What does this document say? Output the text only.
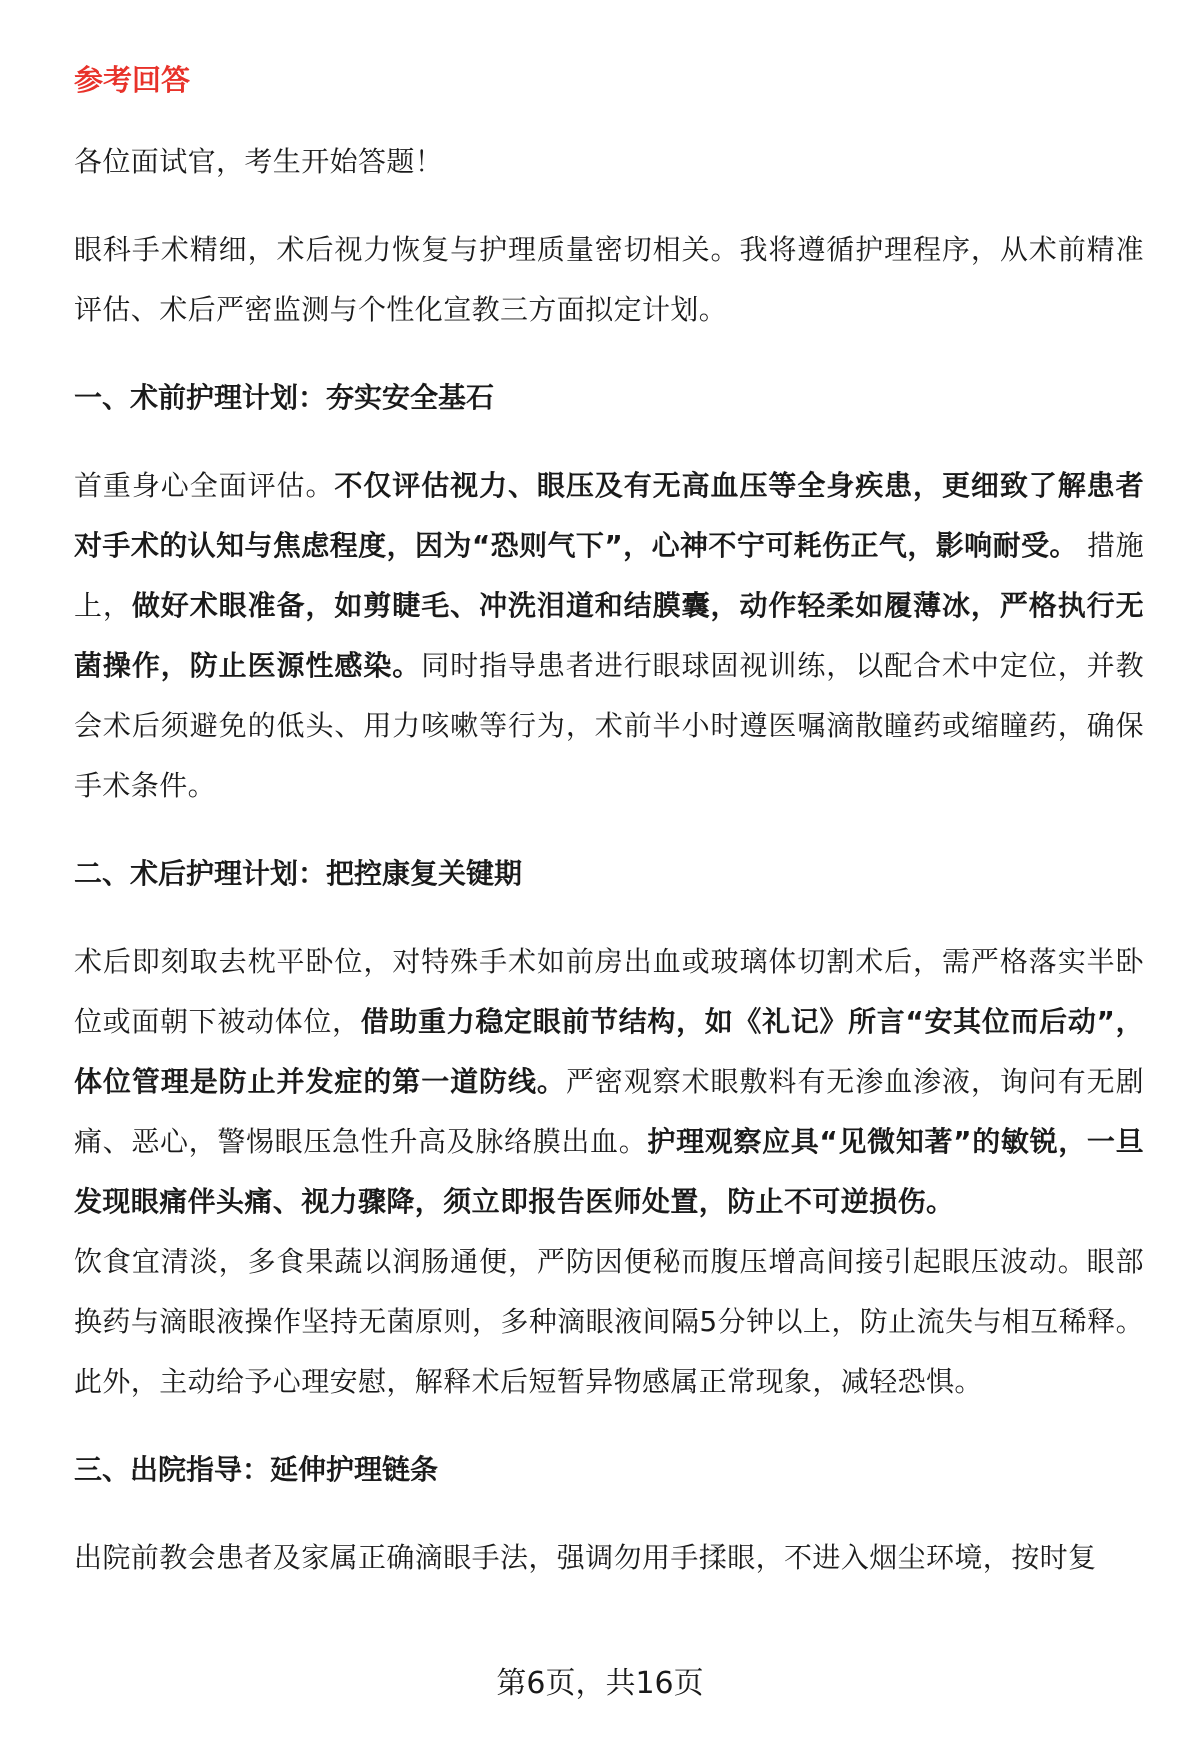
参考回答

各位面试官，考生开始答题！

眼科手术精细，术后视力恢复与护理质量密切相关。我将遵循护理程序，从术前精准评估、术后严密监测与个性化宣教三方面拟定计划。

一、术前护理计划：夯实安全基石

首重身心全面评估。不仅评估视力、眼压及有无高血压等全身疾患，更细致了解患者对手术的认知与焦虑程度，因为“恐则气下”，心神不宁可耗伤正气，影响耐受。 措施上，做好术眼准备，如剪睫毛、冲洗泪道和结膜囊，动作轻柔如履薄冰，严格执行无菌操作，防止医源性感染。同时指导患者进行眼球固视训练，以配合术中定位，并教会术后须避免的低头、用力咳嗽等行为，术前半小时遵医嘱滴散瞳药或缩瞳药，确保手术条件。

二、术后护理计划：把控康复关键期

术后即刻取去枕平卧位，对特殊手术如前房出血或玻璃体切割术后，需严格落实半卧位或面朝下被动体位，借助重力稳定眼前节结构，如《礼记》所言“安其位而后动”，体位管理是防止并发症的第一道防线。严密观察术眼敷料有无渗血渗液，询问有无剧痛、恶心，警惕眼压急性升高及脉络膜出血。护理观察应具“见微知著”的敏锐，一旦发现眼痛伴头痛、视力骤降，须立即报告医师处置，防止不可逆损伤。

饮食宜清淡，多食果蔬以润肠通便，严防因便秘而腹压增高间接引起眼压波动。眼部换药与滴眼液操作坚持无菌原则，多种滴眼液间隔5分钟以上，防止流失与相互稀释。此外，主动给予心理安慰，解释术后短暂异物感属正常现象，减轻恐惧。

三、出院指导：延伸护理链条

出院前教会患者及家属正确滴眼手法，强调勿用手揉眼，不进入烟尘环境，按时复

第6页，共16页
